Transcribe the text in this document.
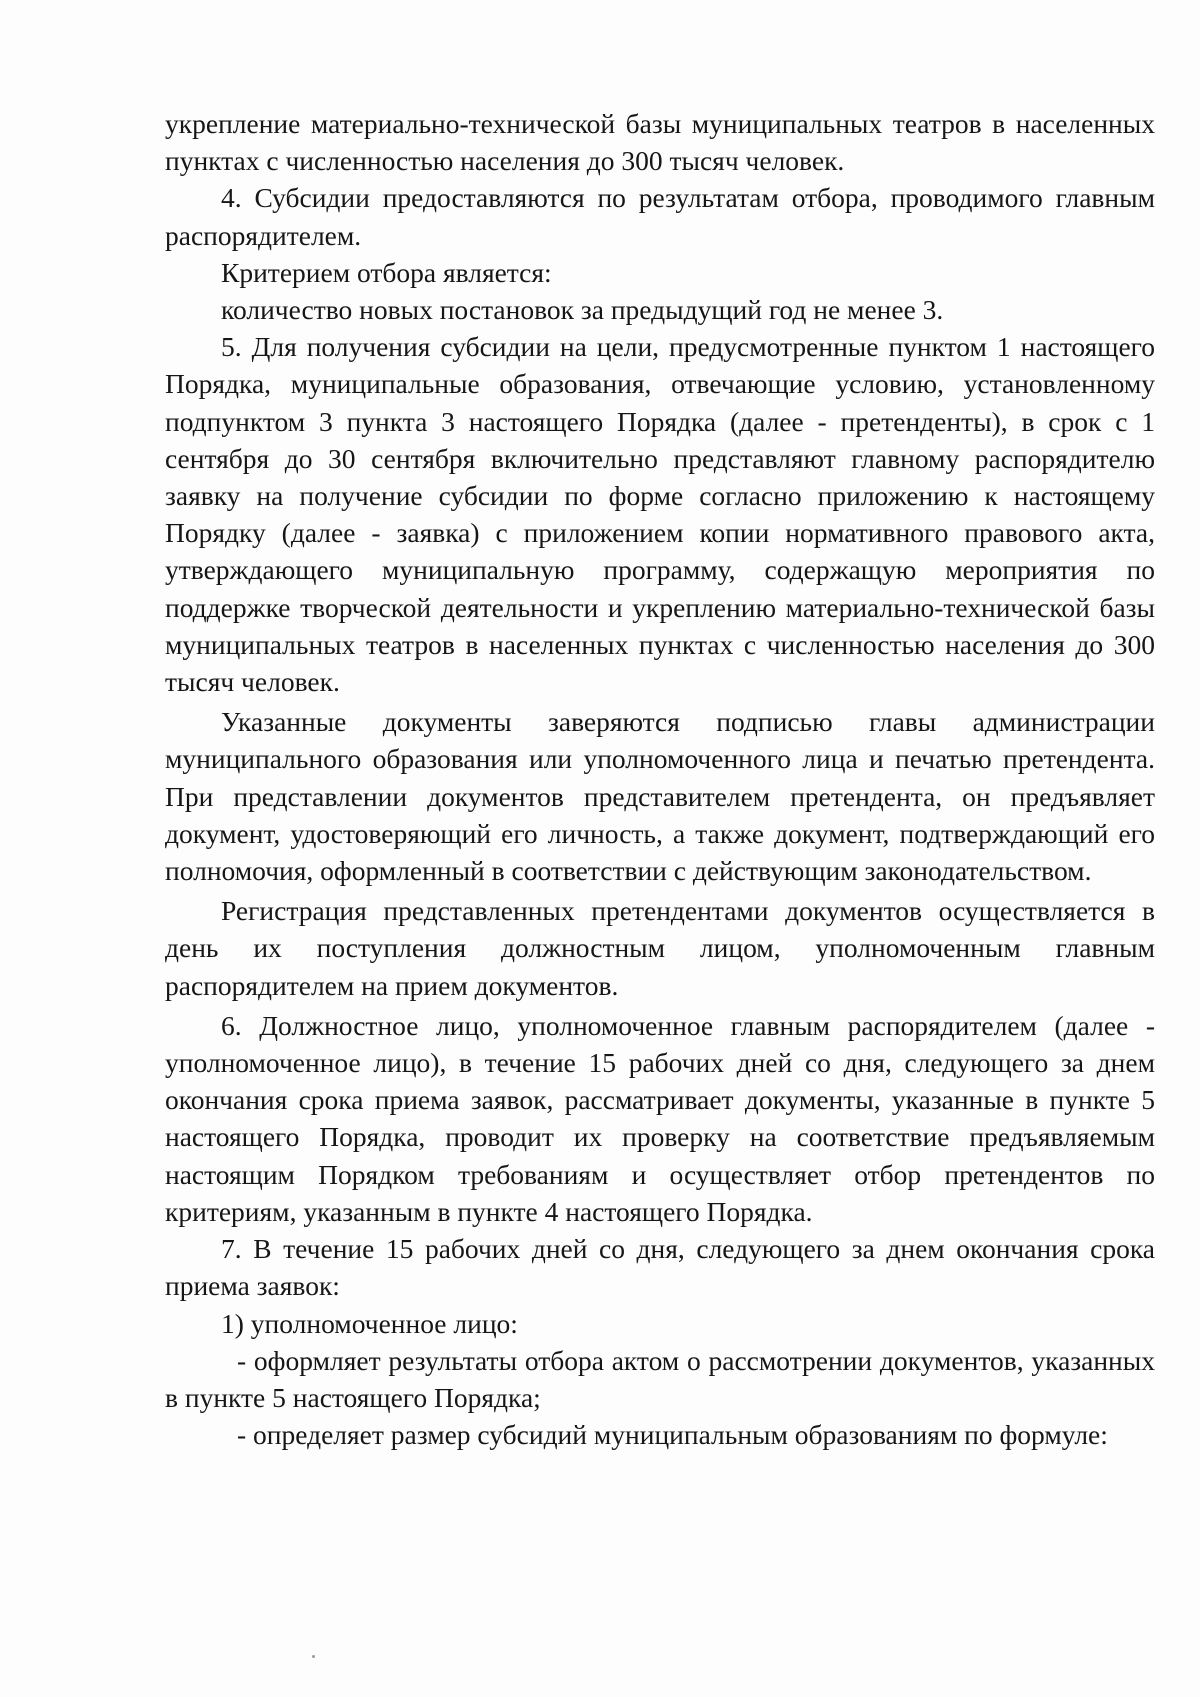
укрепление материально-технической базы муниципальных театров в населенных пунктах с численностью населения до 300 тысяч человек.

4. Субсидии предоставляются по результатам отбора, проводимого главным распорядителем.

Критерием отбора является:

количество новых постановок за предыдущий год не менее 3.

5. Для получения субсидии на цели, предусмотренные пунктом 1 настоящего Порядка, муниципальные образования, отвечающие условию, установленному подпунктом 3 пункта 3 настоящего Порядка (далее - претенденты), в срок с 1 сентября до 30 сентября включительно представляют главному распорядителю заявку на получение субсидии по форме согласно приложению к настоящему Порядку (далее - заявка) с приложением копии нормативного правового акта, утверждающего муниципальную программу, содержащую мероприятия по поддержке творческой деятельности и укреплению материально-технической базы муниципальных театров в населенных пунктах с численностью населения до 300 тысяч человек.

Указанные документы заверяются подписью главы администрации муниципального образования или уполномоченного лица и печатью претендента. При представлении документов представителем претендента, он предъявляет документ, удостоверяющий его личность, а также документ, подтверждающий его полномочия, оформленный в соответствии с действующим законодательством.

Регистрация представленных претендентами документов осуществляется в день их поступления должностным лицом, уполномоченным главным распорядителем на прием документов.

6. Должностное лицо, уполномоченное главным распорядителем (далее - уполномоченное лицо), в течение 15 рабочих дней со дня, следующего за днем окончания срока приема заявок, рассматривает документы, указанные в пункте 5 настоящего Порядка, проводит их проверку на соответствие предъявляемым настоящим Порядком требованиям и осуществляет отбор претендентов по критериям, указанным в пункте 4 настоящего Порядка.

7. В течение 15 рабочих дней со дня, следующего за днем окончания срока приема заявок:

1) уполномоченное лицо:

- оформляет результаты отбора актом о рассмотрении документов, указанных в пункте 5 настоящего Порядка;

- определяет размер субсидий муниципальным образованиям по формуле:
